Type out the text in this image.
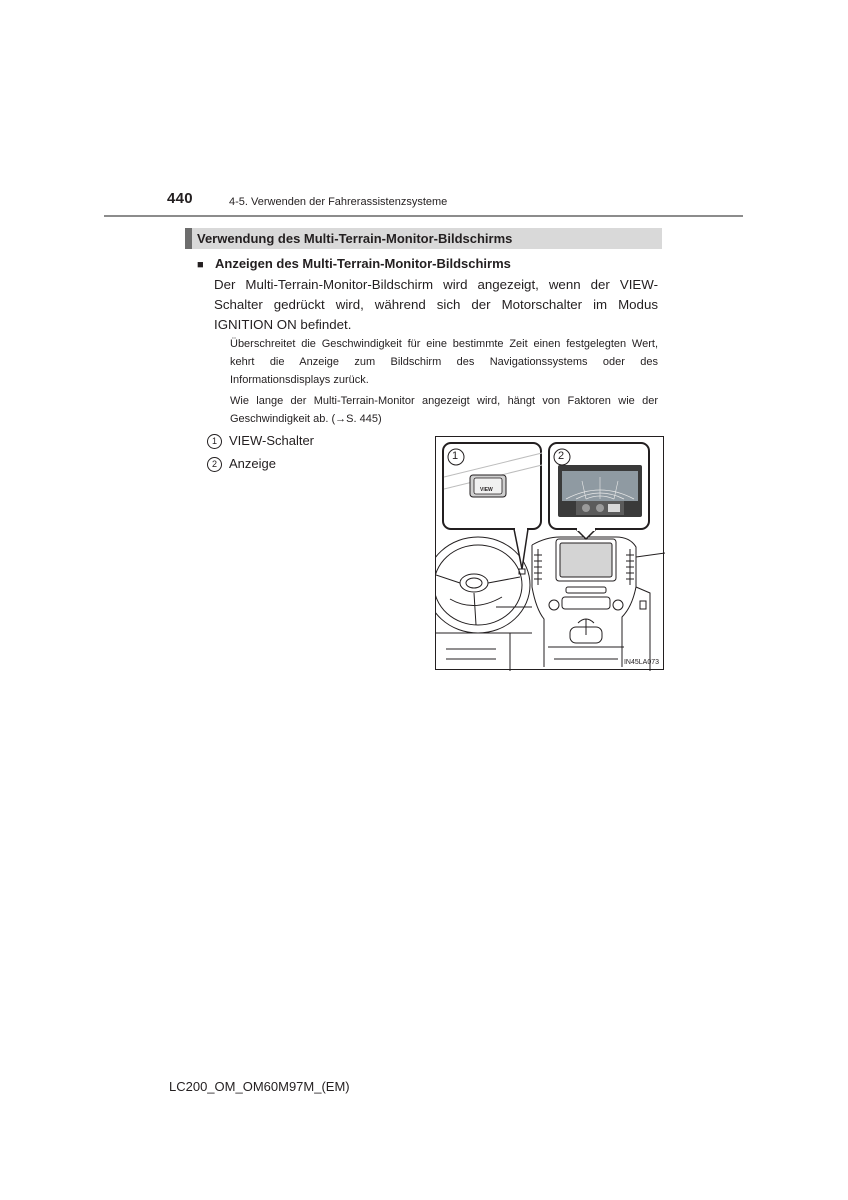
440	4-5. Verwenden der Fahrerassistenzsysteme
Verwendung des Multi-Terrain-Monitor-Bildschirms
■ Anzeigen des Multi-Terrain-Monitor-Bildschirms
Der Multi-Terrain-Monitor-Bildschirm wird angezeigt, wenn der VIEW-Schalter gedrückt wird, während sich der Motorschalter im Modus IGNITION ON befindet.
Überschreitet die Geschwindigkeit für eine bestimmte Zeit einen festgelegten Wert, kehrt die Anzeige zum Bildschirm des Navigationssystems oder des Informationsdisplays zurück.
Wie lange der Multi-Terrain-Monitor angezeigt wird, hängt von Faktoren wie der Geschwindigkeit ab. (→S. 445)
1 VIEW-Schalter
2 Anzeige	1	2
VIEW
IN45LA073
LC200_OM_OM60M97M_(EM)
